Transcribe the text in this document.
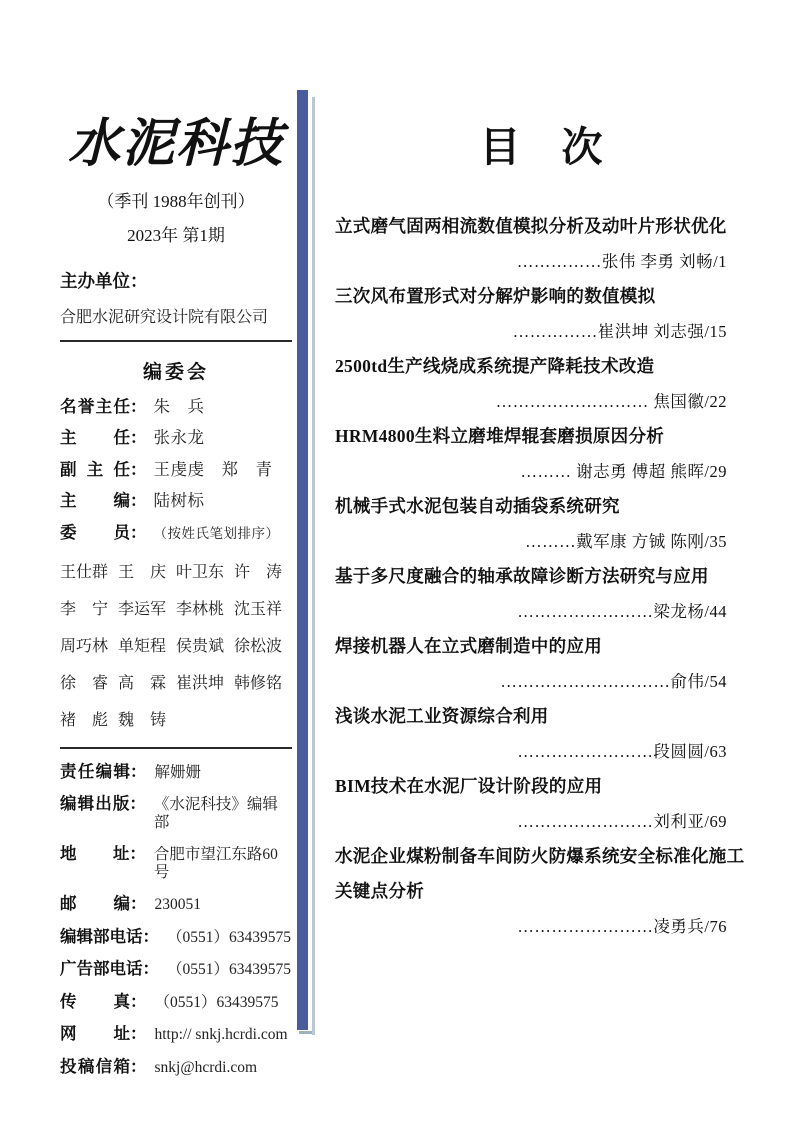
水泥科技
（季刊 1988年创刊）
2023年 第1期
主办单位：
合肥水泥研究设计院有限公司
编委会
名誉主任 ： 朱　兵
主任 ： 张永龙
副 主 任 ： 王虔虔　郑　青
主编 ： 陆树标
委员 ： （按姓氏笔划排序）
王仕群 王　庆 叶卫东 许　涛
李　宁 李运军 李林桃 沈玉祥
周巧林 单矩程 侯贵斌 徐松波
徐　睿 高　霖 崔洪坤 韩修铭
褚　彪 魏　铸
责任编辑 ： 解姗姗
编辑出版 ： 《水泥科技》编辑部
地址 ： 合肥市望江东路60号
邮编 ： 230051
编辑部电话 ： （0551）63439575
广告部电话 ： （0551）63439575
传真 ： （0551）63439575
网址 ： http:// snkj.hcrdi.com
投稿信箱 ： snkj@hcrdi.com
目　次
立式磨气固两相流数值模拟分析及动叶片形状优化
……………张伟 李勇 刘畅/1
三次风布置形式对分解炉影响的数值模拟
……………崔洪坤 刘志强/15
2500td生产线烧成系统提产降耗技术改造
……………………… 焦国徽/22
HRM4800生料立磨堆焊辊套磨损原因分析
……… 谢志勇 傅超 熊晖/29
机械手式水泥包装自动插袋系统研究
………戴军康 方铖 陈刚/35
基于多尺度融合的轴承故障诊断方法研究与应用
……………………梁龙杨/44
焊接机器人在立式磨制造中的应用
…………………………俞伟/54
浅谈水泥工业资源综合利用
……………………段圆圆/63
BIM技术在水泥厂设计阶段的应用
……………………刘利亚/69
水泥企业煤粉制备车间防火防爆系统安全标准化施工关键点分析
……………………凌勇兵/76
